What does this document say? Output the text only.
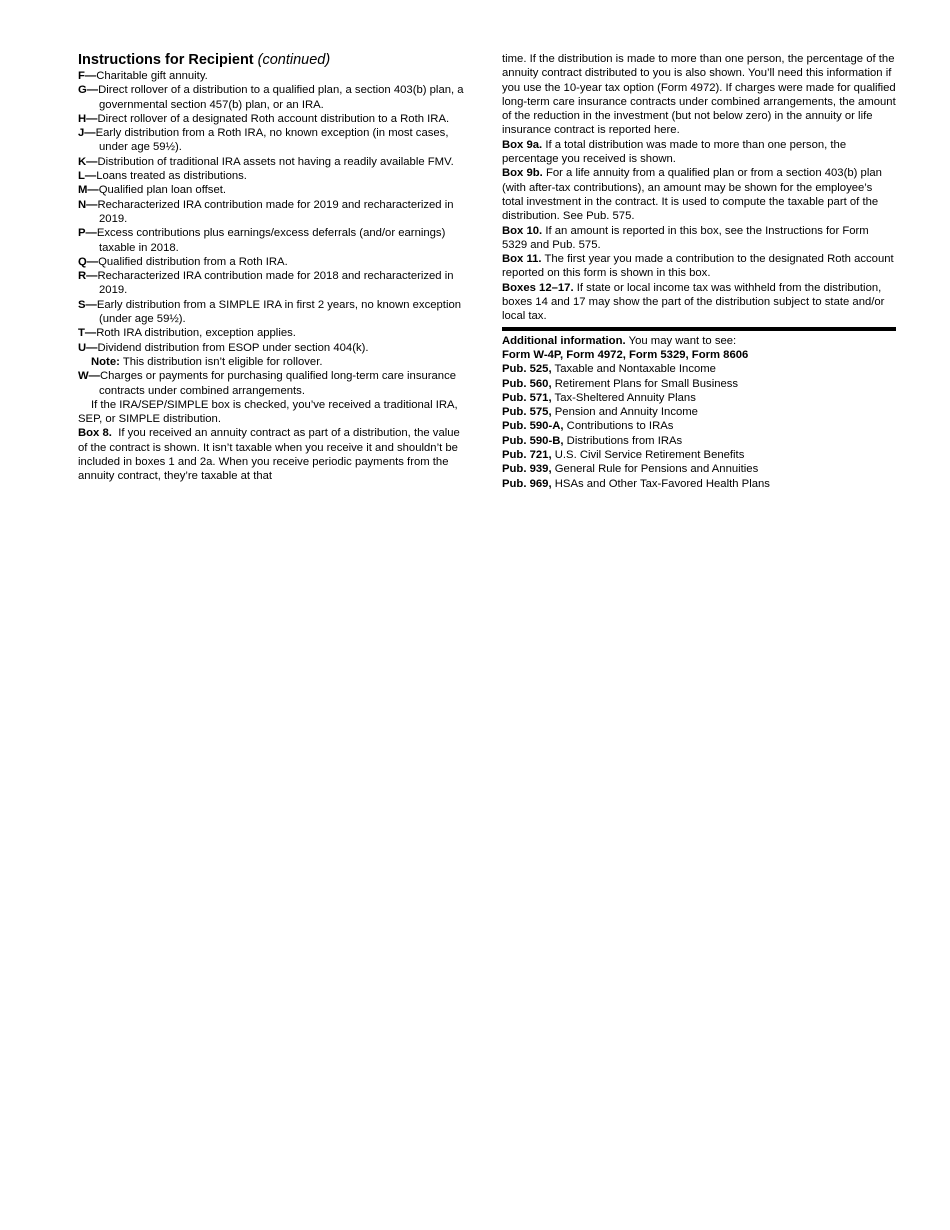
Instructions for Recipient (continued)

F—Charitable gift annuity.

G—Direct rollover of a distribution to a qualified plan, a section 403(b) plan, a governmental section 457(b) plan, or an IRA.

H—Direct rollover of a designated Roth account distribution to a Roth IRA.

J—Early distribution from a Roth IRA, no known exception (in most cases, under age 59½).

K—Distribution of traditional IRA assets not having a readily available FMV.

L—Loans treated as distributions.

M—Qualified plan loan offset.

N—Recharacterized IRA contribution made for 2019 and recharacterized in 2019.

P—Excess contributions plus earnings/excess deferrals (and/or earnings) taxable in 2018.

Q—Qualified distribution from a Roth IRA.

R—Recharacterized IRA contribution made for 2018 and recharacterized in 2019.

S—Early distribution from a SIMPLE IRA in first 2 years, no known exception (under age 59½).

T—Roth IRA distribution, exception applies.

U—Dividend distribution from ESOP under section 404(k).

Note: This distribution isn’t eligible for rollover.

W—Charges or payments for purchasing qualified long-term care insurance contracts under combined arrangements.

If the IRA/SEP/SIMPLE box is checked, you’ve received a traditional IRA, SEP, or SIMPLE distribution.

Box 8. If you received an annuity contract as part of a distribution, the value of the contract is shown. It isn’t taxable when you receive it and shouldn’t be included in boxes 1 and 2a. When you receive periodic payments from the annuity contract, they’re taxable at that

time. If the distribution is made to more than one person, the percentage of the annuity contract distributed to you is also shown. You’ll need this information if you use the 10-year tax option (Form 4972). If charges were made for qualified long-term care insurance contracts under combined arrangements, the amount of the reduction in the investment (but not below zero) in the annuity or life insurance contract is reported here.

Box 9a. If a total distribution was made to more than one person, the percentage you received is shown.

Box 9b. For a life annuity from a qualified plan or from a section 403(b) plan (with after-tax contributions), an amount may be shown for the employee’s total investment in the contract. It is used to compute the taxable part of the distribution. See Pub. 575.

Box 10. If an amount is reported in this box, see the Instructions for Form 5329 and Pub. 575.

Box 11. The first year you made a contribution to the designated Roth account reported on this form is shown in this box.

Boxes 12–17. If state or local income tax was withheld from the distribution, boxes 14 and 17 may show the part of the distribution subject to state and/or local tax.

Additional information. You may want to see:

Form W-4P, Form 4972, Form 5329, Form 8606

Pub. 525, Taxable and Nontaxable Income

Pub. 560, Retirement Plans for Small Business

Pub. 571, Tax-Sheltered Annuity Plans

Pub. 575, Pension and Annuity Income

Pub. 590-A, Contributions to IRAs

Pub. 590-B, Distributions from IRAs

Pub. 721, U.S. Civil Service Retirement Benefits

Pub. 939, General Rule for Pensions and Annuities

Pub. 969, HSAs and Other Tax-Favored Health Plans
